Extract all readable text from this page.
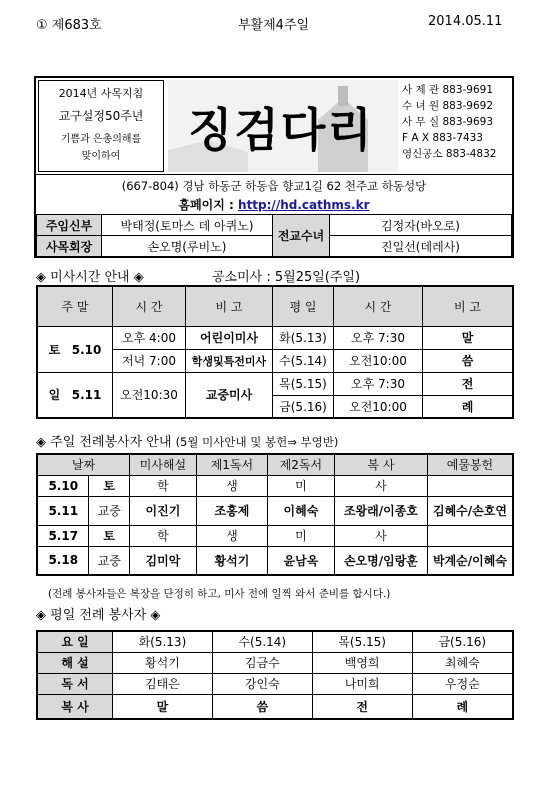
① 제683호	부활제4주일	2014.05.11
2014년 사목지침
교구설정50주년
기쁨과 은총의해를
맞이하여	징검다리
사 제 관 883-9691
수 녀 원 883-9692
사 무 실 883-9693
F A X 883-7433
영신공소 883-4832
(667-804) 경남 하동군 하동읍 향교1길 62 천주교 하동성당
홈페이지 : http://hd.cathms.kr
주임신부	박태정(토마스 데 아퀴노)	전교수녀	김정자(바오로)
사목회장	손오명(루비노)		진일선(데레사)
◈ 미사시간 안내 ◈	공소미사 : 5월25일(주일)
주 말	시 간	비 고	평 일	시 간	비 고
토 5.10	오후 4:00	어린이미사	화(5.13)	오후 7:30	말
	저녁 7:00	학생및특전미사	수(5.14)	오전10:00	씀
일 5.11	오전10:30	교중미사	목(5.15)	오후 7:30	전
			금(5.16)	오전10:00	례
◈ 주일 전례봉사자 안내 (5월 미사안내 및 봉헌⇒ 부영반)
날짜		미사해설	제1독서	제2독서	복 사	예물봉헌
5.10	토	학	생	미	사	
5.11	교중	이진기	조홍제	이혜숙	조왕래/이종호	김혜수/손호연
5.17	토	학	생	미	사	
5.18	교중	김미악	황석기	윤남옥	손오명/임랑훈	박계순/이혜숙
(전례 봉사자들은 복장을 단정히 하고, 미사 전에 일찍 와서 준비를 합시다.)
◈ 평일 전례 봉사자 ◈
요 일	화(5.13)	수(5.14)	목(5.15)	금(5.16)
해 설	황석기	김금수	백영희	최혜숙
독 서	김태은	강인숙	나미희	우정순
복 사	말	씀	전	례
